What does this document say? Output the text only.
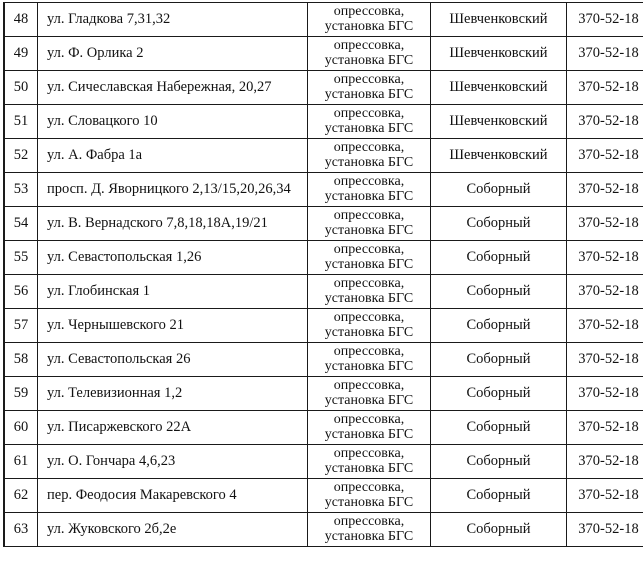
48	ул. Гладкова 7,31,32	опрессовка,
установка БГС	Шевченковский	370-52-18
49	ул. Ф. Орлика 2	опрессовка,
установка БГС	Шевченковский	370-52-18
50	ул. Сичеславская Набережная, 20,27	опрессовка,
установка БГС	Шевченковский	370-52-18
51	ул. Словацкого 10	опрессовка,
установка БГС	Шевченковский	370-52-18
52	ул. А. Фабра 1а	опрессовка,
установка БГС	Шевченковский	370-52-18
53	просп. Д. Яворницкого 2,13/15,20,26,34	опрессовка,
установка БГС	Соборный	370-52-18
54	ул. В. Вернадского 7,8,18,18А,19/21	опрессовка,
установка БГС	Соборный	370-52-18
55	ул. Севастопольская 1,26	опрессовка,
установка БГС	Соборный	370-52-18
56	ул. Глобинская 1	опрессовка,
установка БГС	Соборный	370-52-18
57	ул. Чернышевского 21	опрессовка,
установка БГС	Соборный	370-52-18
58	ул. Севастопольская 26	опрессовка,
установка БГС	Соборный	370-52-18
59	ул. Телевизионная 1,2	опрессовка,
установка БГС	Соборный	370-52-18
60	ул. Писаржевского 22А	опрессовка,
установка БГС	Соборный	370-52-18
61	ул. О. Гончара 4,6,23	опрессовка,
установка БГС	Соборный	370-52-18
62	пер. Феодосия Макаревского 4	опрессовка,
установка БГС	Соборный	370-52-18
63	ул. Жуковского 2б,2е	опрессовка,
установка БГС	Соборный	370-52-18
